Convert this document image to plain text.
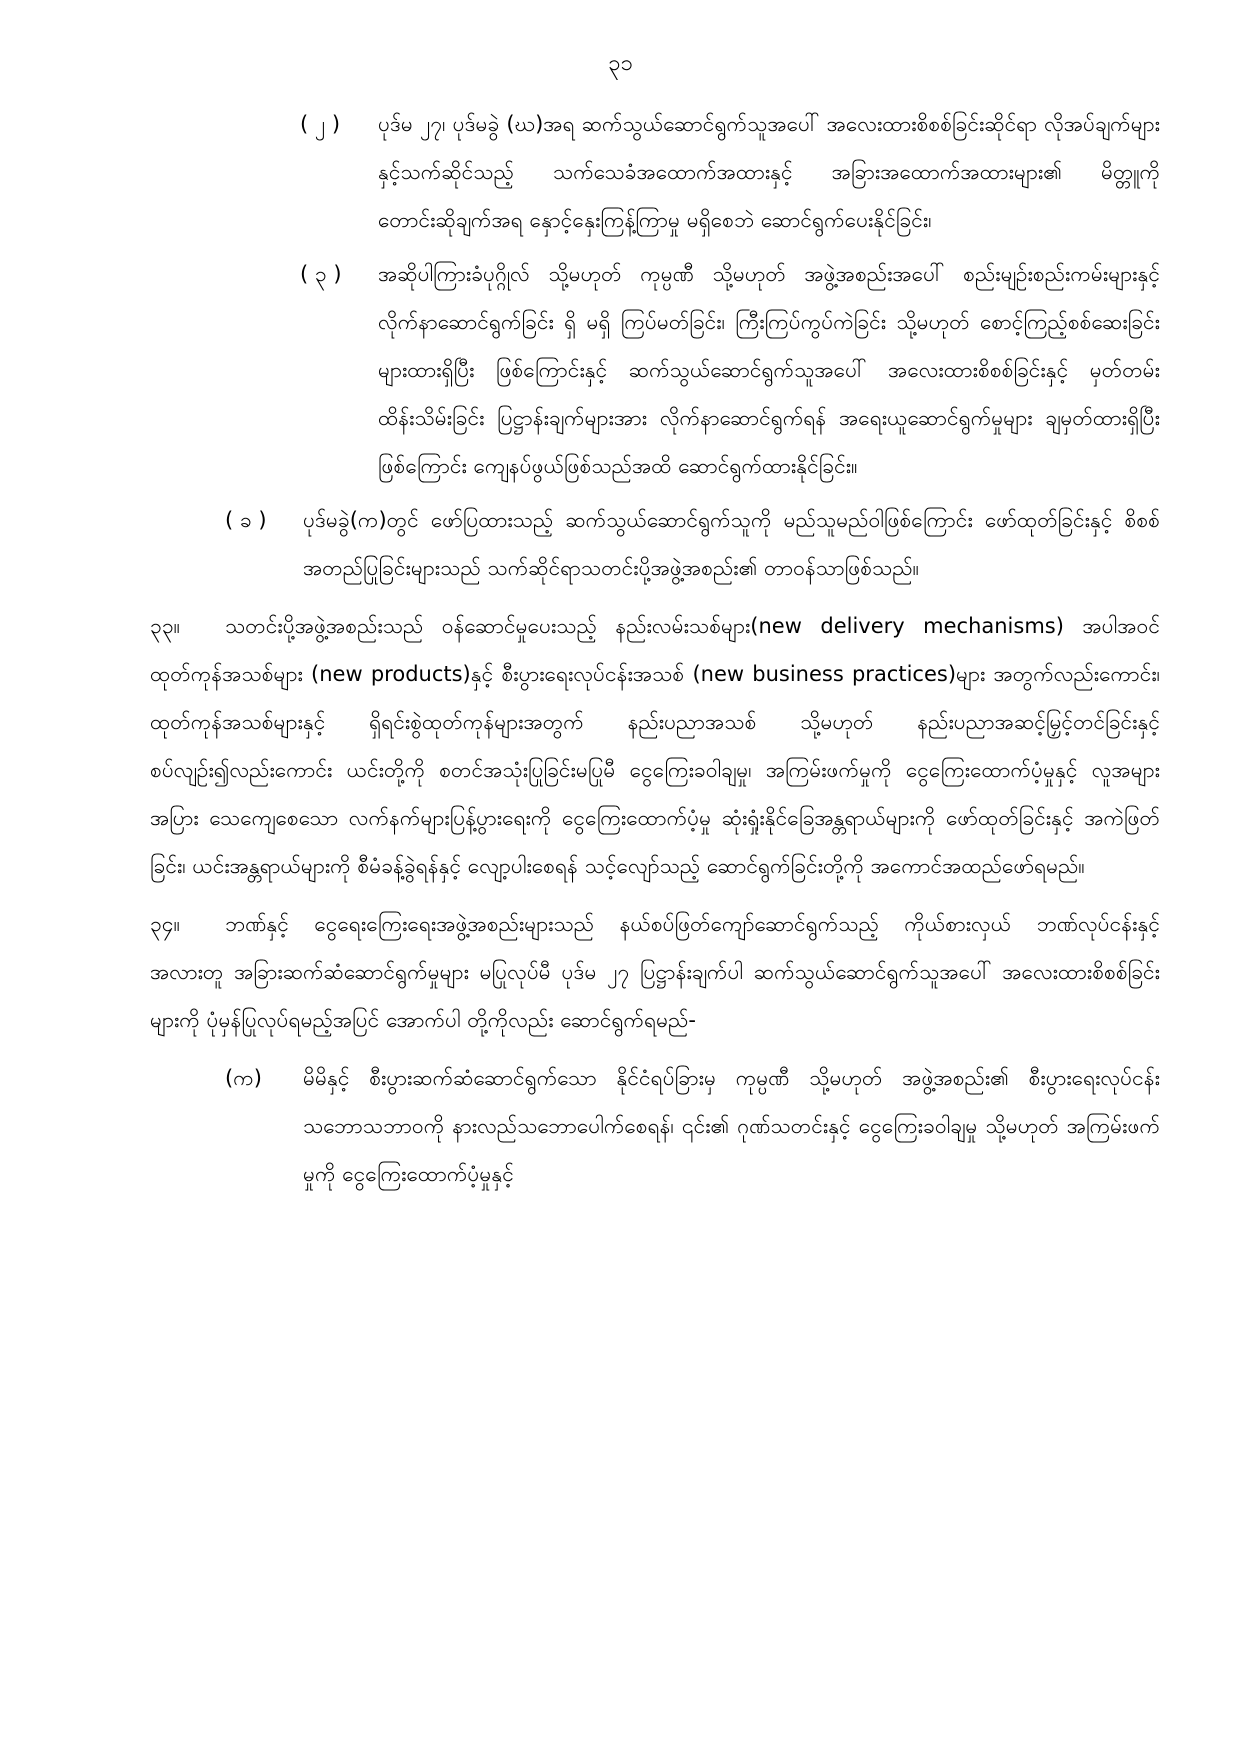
၃၁
( ၂ )	ပုဒ်မ ၂၇၊ ပုဒ်မခွဲ (ဃ)အရ ဆက်သွယ်ဆောင်ရွက်သူအပေါ် အလေးထားစိစစ်ခြင်းဆိုင်ရာ လိုအပ်ချက်များနှင့်သက်ဆိုင်သည့် သက်သေခံအထောက်အထားနှင့် အခြားအထောက်အထားများ၏ မိတ္တူကိုတောင်းဆိုချက်အရ နှောင့်နှေးကြန့်ကြာမှု မရှိစေဘဲ ဆောင်ရွက်ပေးနိုင်ခြင်း၊
( ၃ )	အဆိုပါကြားခံပုဂ္ဂိုလ် သို့မဟုတ် ကုမ္ပဏီ သို့မဟုတ် အဖွဲ့အစည်းအပေါ် စည်းမျဉ်းစည်းကမ်းများနှင့် လိုက်နာဆောင်ရွက်ခြင်း ရှိ မရှိ ကြပ်မတ်ခြင်း၊ ကြီးကြပ်ကွပ်ကဲခြင်း သို့မဟုတ် စောင့်ကြည့်စစ်ဆေးခြင်းများထားရှိပြီး ဖြစ်ကြောင်းနှင့် ဆက်သွယ်ဆောင်ရွက်သူအပေါ် အလေးထားစိစစ်ခြင်းနှင့် မှတ်တမ်းထိန်းသိမ်းခြင်း ပြဋ္ဌာန်းချက်များအား လိုက်နာဆောင်ရွက်ရန် အရေးယူဆောင်ရွက်မှုများ ချမှတ်ထားရှိပြီးဖြစ်ကြောင်း ကျေနပ်ဖွယ်ဖြစ်သည်အထိ ဆောင်ရွက်ထားနိုင်ခြင်း။
( ခ )	ပုဒ်မခွဲ(က)တွင် ဖော်ပြထားသည့် ဆက်သွယ်ဆောင်ရွက်သူကို မည်သူမည်ဝါဖြစ်ကြောင်း ဖော်ထုတ်ခြင်းနှင့် စိစစ်အတည်ပြုခြင်းများသည် သက်ဆိုင်ရာသတင်းပို့အဖွဲ့အစည်း၏ တာဝန်သာဖြစ်သည်။

၃၃။ သတင်းပို့အဖွဲ့အစည်းသည် ဝန်ဆောင်မှုပေးသည့် နည်းလမ်းသစ်များ(new delivery mechanisms) အပါအဝင် ထုတ်ကုန်အသစ်များ (new products)နှင့် စီးပွားရေးလုပ်ငန်းအသစ် (new business practices)များ အတွက်လည်းကောင်း၊ ထုတ်ကုန်အသစ်များနှင့် ရှိရင်းစွဲထုတ်ကုန်များအတွက် နည်းပညာအသစ် သို့မဟုတ် နည်းပညာအဆင့်မြှင့်တင်ခြင်းနှင့်စပ်လျဉ်း၍လည်းကောင်း ယင်းတို့ကို စတင်အသုံးပြုခြင်းမပြုမီ ငွေကြေးခဝါချမှု၊ အကြမ်းဖက်မှုကို ငွေကြေးထောက်ပံ့မှုနှင့် လူအများအပြား သေကျေစေသော လက်နက်များပြန့်ပွားရေးကို ငွေကြေးထောက်ပံ့မှု ဆုံးရှုံးနိုင်ခြေအန္တရာယ်များကို ဖော်ထုတ်ခြင်းနှင့် အကဲဖြတ်ခြင်း၊ ယင်းအန္တရာယ်များကို စီမံခန့်ခွဲရန်နှင့် လျော့ပါးစေရန် သင့်လျော်သည့် ဆောင်ရွက်ခြင်းတို့ကို အကောင်အထည်ဖော်ရမည်။

၃၄။ ဘဏ်နှင့် ငွေရေးကြေးရေးအဖွဲ့အစည်းများသည် နယ်စပ်ဖြတ်ကျော်ဆောင်ရွက်သည့် ကိုယ်စားလှယ် ဘဏ်လုပ်ငန်းနှင့် အလားတူ အခြားဆက်ဆံဆောင်ရွက်မှုများ မပြုလုပ်မီ ပုဒ်မ ၂၇ ပြဋ္ဌာန်းချက်ပါ ဆက်သွယ်ဆောင်ရွက်သူအပေါ် အလေးထားစိစစ်ခြင်းများကို ပုံမှန်ပြုလုပ်ရမည့်အပြင် အောက်ပါ တို့ကိုလည်း ဆောင်ရွက်ရမည်-

(က)	မိမိနှင့် စီးပွားဆက်ဆံဆောင်ရွက်သော နိုင်ငံရပ်ခြားမှ ကုမ္ပဏီ သို့မဟုတ် အဖွဲ့အစည်း၏ စီးပွားရေးလုပ်ငန်း သဘောသဘာဝကို နားလည်သဘောပေါက်စေရန်၊ ၎င်း၏ ဂုဏ်သတင်းနှင့် ငွေကြေးခဝါချမှု သို့မဟုတ် အကြမ်းဖက်မှုကို ငွေကြေးထောက်ပံ့မှုနှင့်
